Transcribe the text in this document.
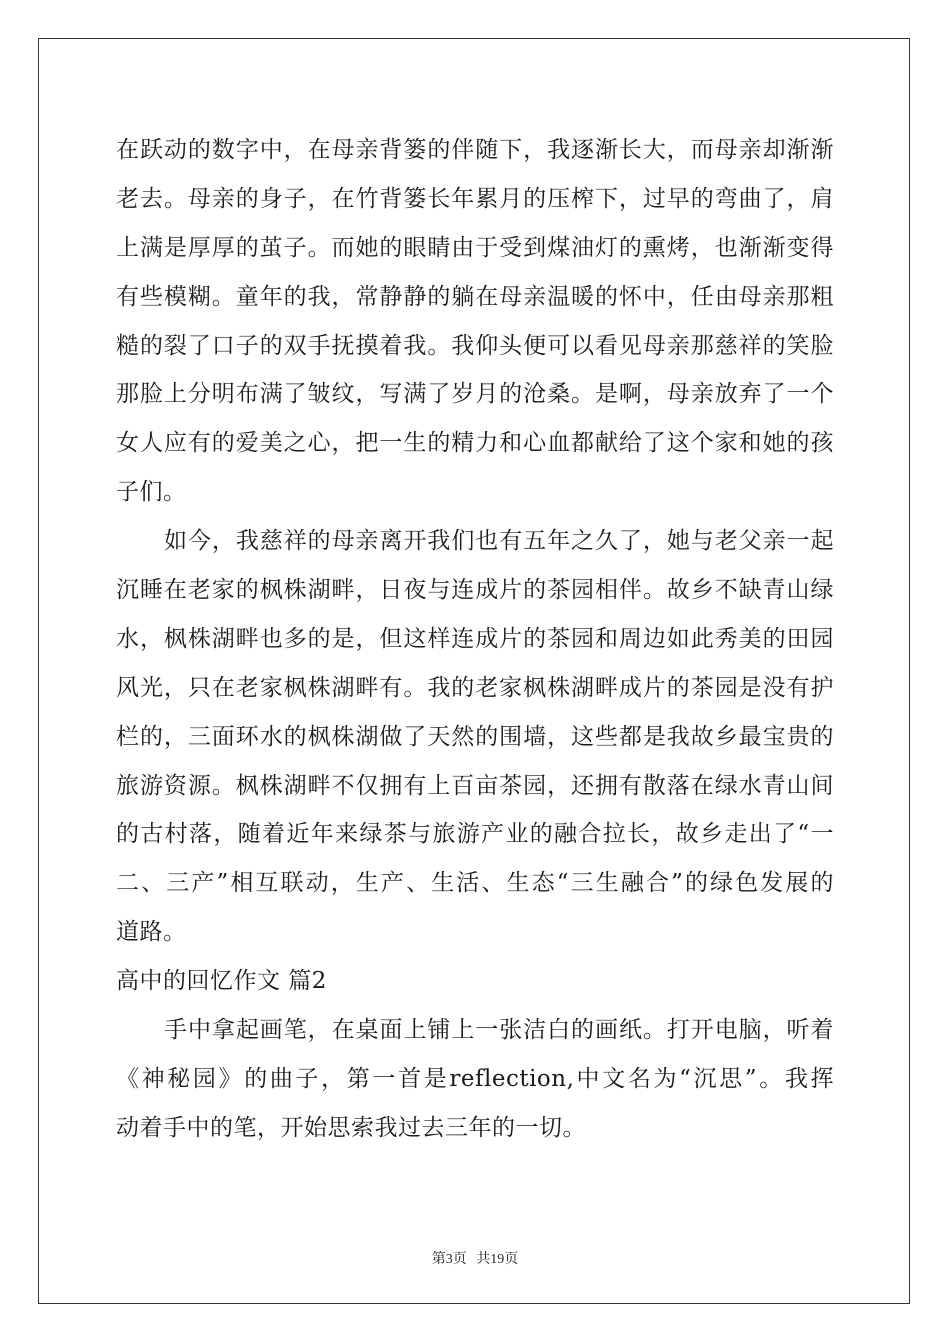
在跃动的数字中，在母亲背篓的伴随下，我逐渐长大，而母亲却渐渐
老去。母亲的身子，在竹背篓长年累月的压榨下，过早的弯曲了，肩
上满是厚厚的茧子。而她的眼睛由于受到煤油灯的熏烤，也渐渐变得
有些模糊。童年的我，常静静的躺在母亲温暖的怀中，任由母亲那粗
糙的裂了口子的双手抚摸着我。我仰头便可以看见母亲那慈祥的笑脸
那脸上分明布满了皱纹，写满了岁月的沧桑。是啊，母亲放弃了一个
女人应有的爱美之心，把一生的精力和心血都献给了这个家和她的孩
子们。
如今，我慈祥的母亲离开我们也有五年之久了，她与老父亲一起
沉睡在老家的枫株湖畔，日夜与连成片的茶园相伴。故乡不缺青山绿
水，枫株湖畔也多的是，但这样连成片的茶园和周边如此秀美的田园
风光，只在老家枫株湖畔有。我的老家枫株湖畔成片的茶园是没有护
栏的，三面环水的枫株湖做了天然的围墙，这些都是我故乡最宝贵的
旅游资源。枫株湖畔不仅拥有上百亩茶园，还拥有散落在绿水青山间
的古村落，随着近年来绿茶与旅游产业的融合拉长，故乡走出了“一
二、三产”相互联动，生产、生活、生态“三生融合”的绿色发展的
道路。
高中的回忆作文 篇2
手中拿起画笔，在桌面上铺上一张洁白的画纸。打开电脑，听着
《神秘园》的曲子，第一首是reflection,中文名为“沉思”。我挥
动着手中的笔，开始思索我过去三年的一切。
第3页 共19页
